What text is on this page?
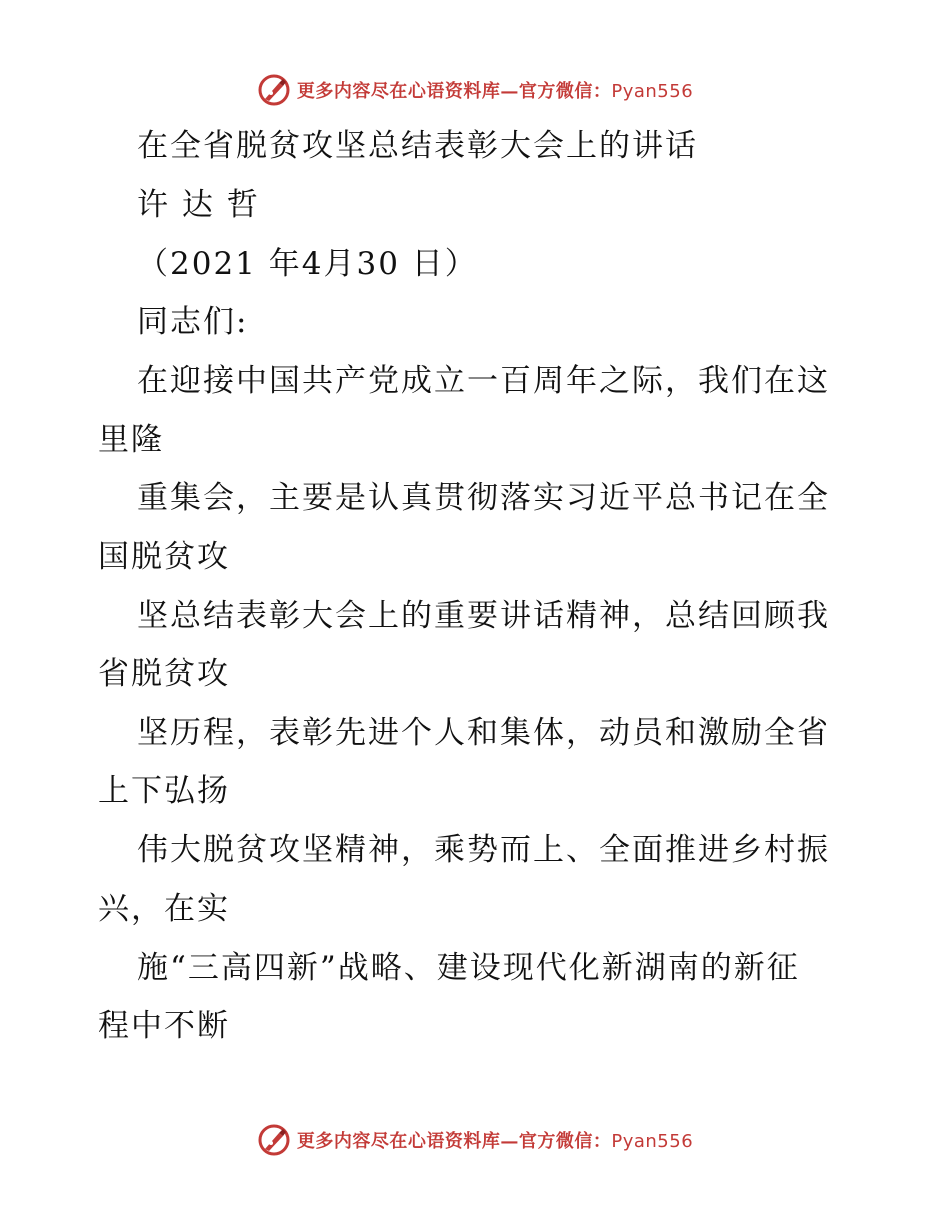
更多内容尽在心语资料库—官方微信：Pyan556
在全省脱贫攻坚总结表彰大会上的讲话
许 达 哲
（2021 年4月30 日）
同志们:
在迎接中国共产党成立一百周年之际，我们在这
里隆
重集会，主要是认真贯彻落实习近平总书记在全
国脱贫攻
坚总结表彰大会上的重要讲话精神，总结回顾我
省脱贫攻
坚历程，表彰先进个人和集体，动员和激励全省
上下弘扬
伟大脱贫攻坚精神，乘势而上、全面推进乡村振
兴，在实
施“三高四新”战略、建设现代化新湖南的新征
程中不断
更多内容尽在心语资料库—官方微信：Pyan556
